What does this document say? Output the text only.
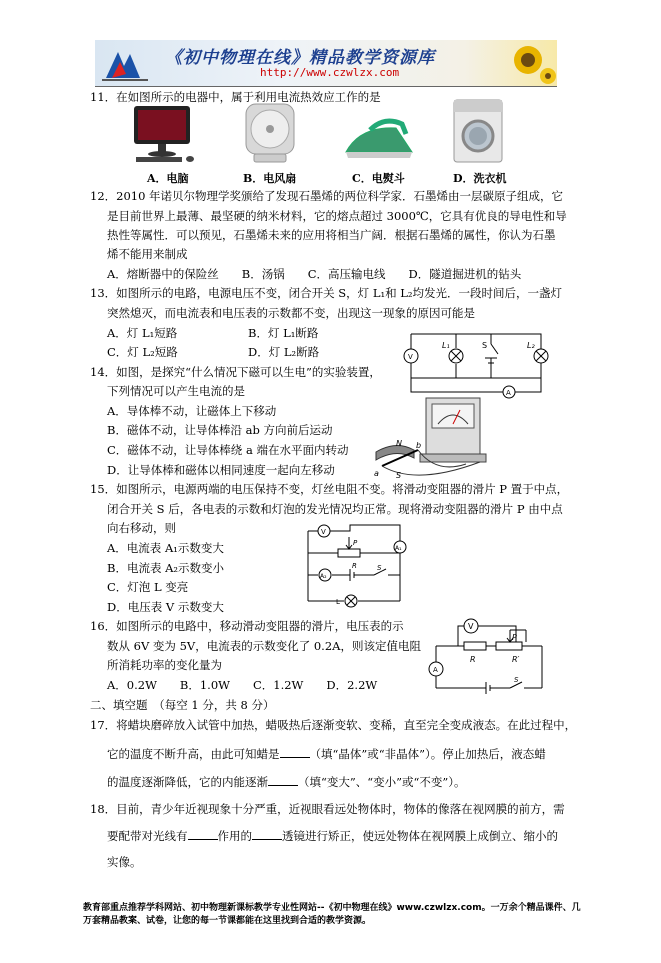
《初中物理在线》精品教学资源库
http://www.czwlzx.com
11．在如图所示的电器中，属于利用电流热效应工作的是
A．电脑	B．电风扇	C．电熨斗	D．洗衣机
12．2010 年诺贝尔物理学奖颁给了发现石墨烯的两位科学家．石墨烯由一层碳原子组成，它
是目前世界上最薄、最坚硬的纳米材料，它的熔点超过 3000℃，它具有优良的导电性和导
热性等属性．可以预见，石墨烯未来的应用将相当广阔．根据石墨烯的属性，你认为石墨
烯不能用来制成
A．熔断器中的保险丝　　B．汤锅　　C．高压输电线　　D．隧道掘进机的钻头
13．如图所示的电路，电源电压不变，闭合开关 S，灯 L₁和 L₂均发光．一段时间后，一盏灯
突然熄灭，而电流表和电压表的示数都不变，出现这一现象的原因可能是
A．灯 L₁短路	B．灯 L₁断路
C．灯 L₂短路	D．灯 L₂断路	V
L₁	S	L₂
A
14．如图，是探究“什么情况下磁可以生电”的实验装置，
下列情况可以产生电流的是
A．导体棒不动，让磁体上下移动
B．磁体不动，让导体棒沿 ab 方向前后运动
C．磁体不动，让导体棒绕 a 端在水平面内转动
D．让导体棒和磁体以相同速度一起向左移动
N b
a S
15．如图所示，电源两端的电压保持不变，灯丝电阻不变。将滑动变阻器的滑片 P 置于中点，
闭合开关 S 后，各电表的示数和灯泡的发光情况均正常。现将滑动变阻器的滑片 P 由中点
向右移动，则
A．电流表 A₁示数变大
B．电流表 A₂示数变小
C．灯泡 L 变亮
D．电压表 V 示数变大
V
P
A₁
R	S
A₂
L
16．如图所示的电路中，移动滑动变阻器的滑片，电压表的示
数从 6V 变为 5V，电流表的示数变化了 0.2A，则该定值电阻
所消耗功率的变化量为
A．0.2W　　B．1.0W　　C．1.2W　　D．2.2W
V
P
R	R′
A
S
二、填空题　（每空 1 分，共 8 分）
17．将蜡块磨碎放入试管中加热，蜡吸热后逐渐变软、变稀，直至完全变成液态。在此过程中，
它的温度不断升高，由此可知蜡是	（填“晶体”或“非晶体”）。停止加热后，液态蜡
的温度逐渐降低，它的内能逐渐	（填“变大”、“变小”或“不变”）。
18．目前，青少年近视现象十分严重，近视眼看远处物体时，物体的像落在视网膜的前方，需
要配带对光线有	作用的	透镜进行矫正，使远处物体在视网膜上成倒立、缩小的
实像。
教育部重点推荐学科网站、初中物理新课标教学专业性网站--《初中物理在线》www.czwlzx.com。一万余个精品课件、几万套精品教案、试卷，让您的每一节课都能在这里找到合适的教学资源。
